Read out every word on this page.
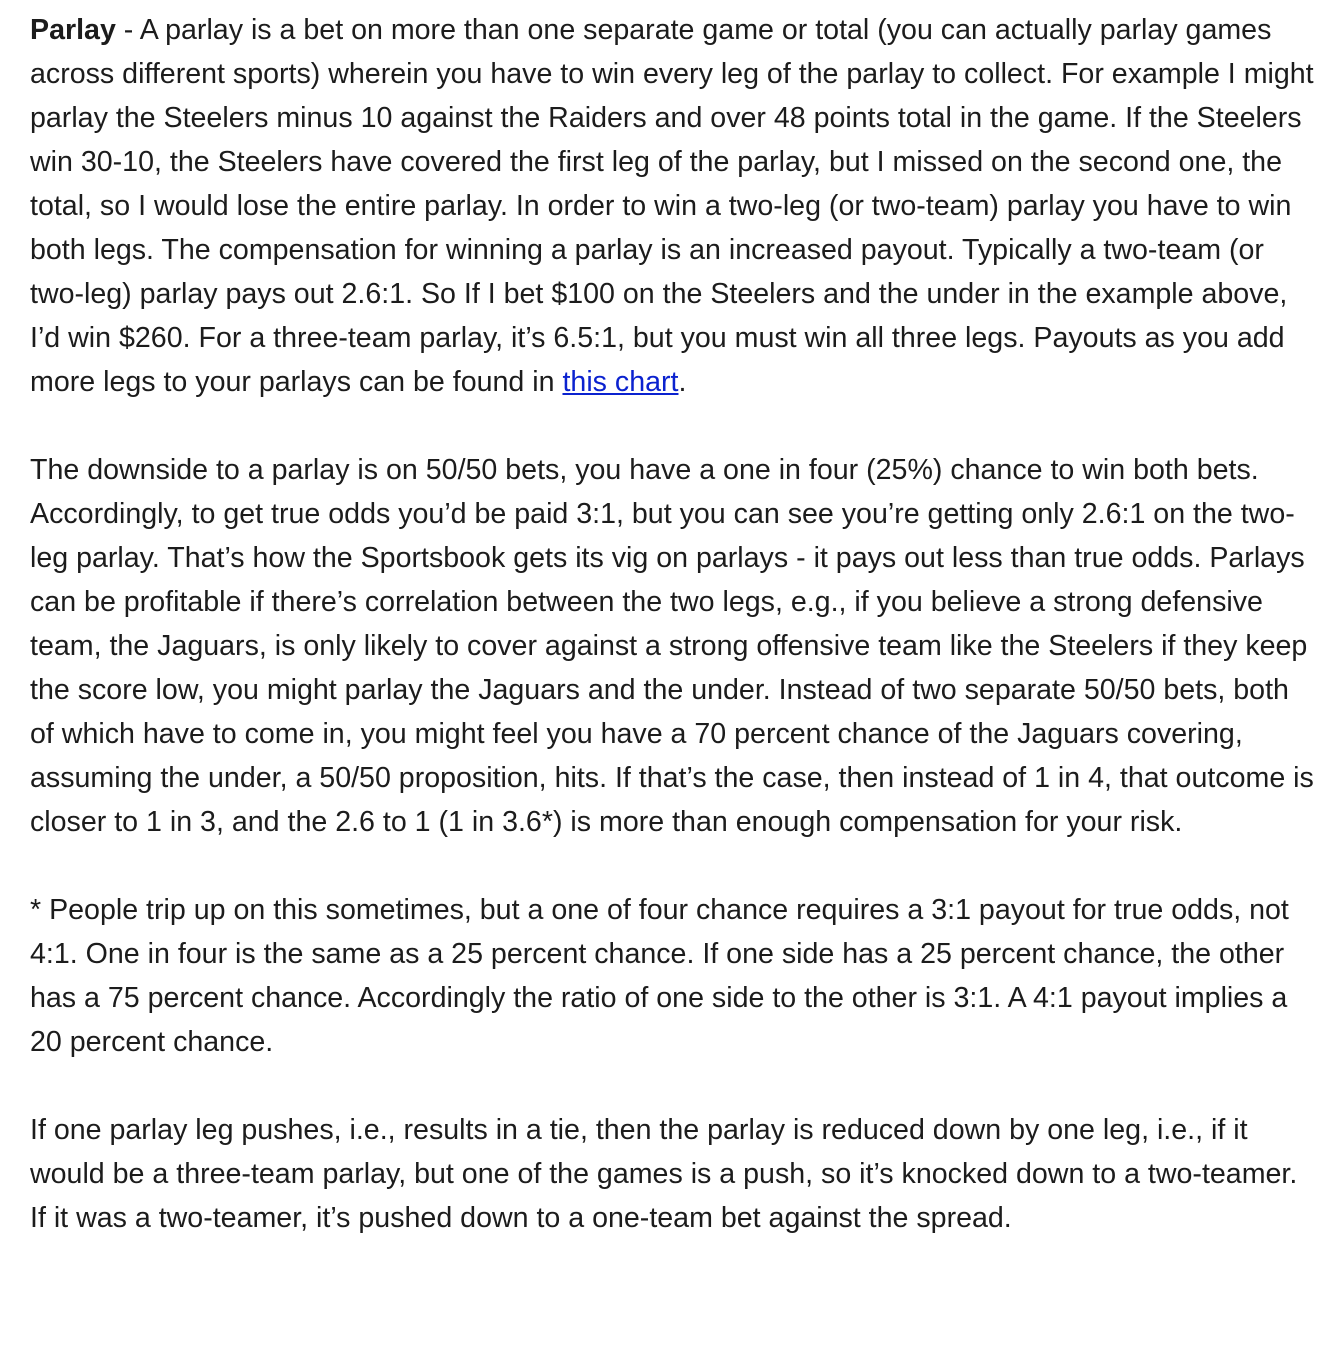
Parlay - A parlay is a bet on more than one separate game or total (you can actually parlay games across different sports) wherein you have to win every leg of the parlay to collect. For example I might parlay the Steelers minus 10 against the Raiders and over 48 points total in the game. If the Steelers win 30-10, the Steelers have covered the first leg of the parlay, but I missed on the second one, the total, so I would lose the entire parlay. In order to win a two-leg (or two-team) parlay you have to win both legs. The compensation for winning a parlay is an increased payout. Typically a two-team (or two-leg) parlay pays out 2.6:1. So If I bet $100 on the Steelers and the under in the example above, I’d win $260. For a three-team parlay, it’s 6.5:1, but you must win all three legs. Payouts as you add more legs to your parlays can be found in this chart.

The downside to a parlay is on 50/50 bets, you have a one in four (25%) chance to win both bets. Accordingly, to get true odds you’d be paid 3:1, but you can see you’re getting only 2.6:1 on the two-leg parlay. That’s how the Sportsbook gets its vig on parlays - it pays out less than true odds. Parlays can be profitable if there’s correlation between the two legs, e.g., if you believe a strong defensive team, the Jaguars, is only likely to cover against a strong offensive team like the Steelers if they keep the score low, you might parlay the Jaguars and the under. Instead of two separate 50/50 bets, both of which have to come in, you might feel you have a 70 percent chance of the Jaguars covering, assuming the under, a 50/50 proposition, hits. If that’s the case, then instead of 1 in 4, that outcome is closer to 1 in 3, and the 2.6 to 1 (1 in 3.6*) is more than enough compensation for your risk.

* People trip up on this sometimes, but a one of four chance requires a 3:1 payout for true odds, not 4:1. One in four is the same as a 25 percent chance. If one side has a 25 percent chance, the other has a 75 percent chance. Accordingly the ratio of one side to the other is 3:1. A 4:1 payout implies a 20 percent chance.

If one parlay leg pushes, i.e., results in a tie, then the parlay is reduced down by one leg, i.e., if it would be a three-team parlay, but one of the games is a push, so it’s knocked down to a two-teamer. If it was a two-teamer, it’s pushed down to a one-team bet against the spread.
